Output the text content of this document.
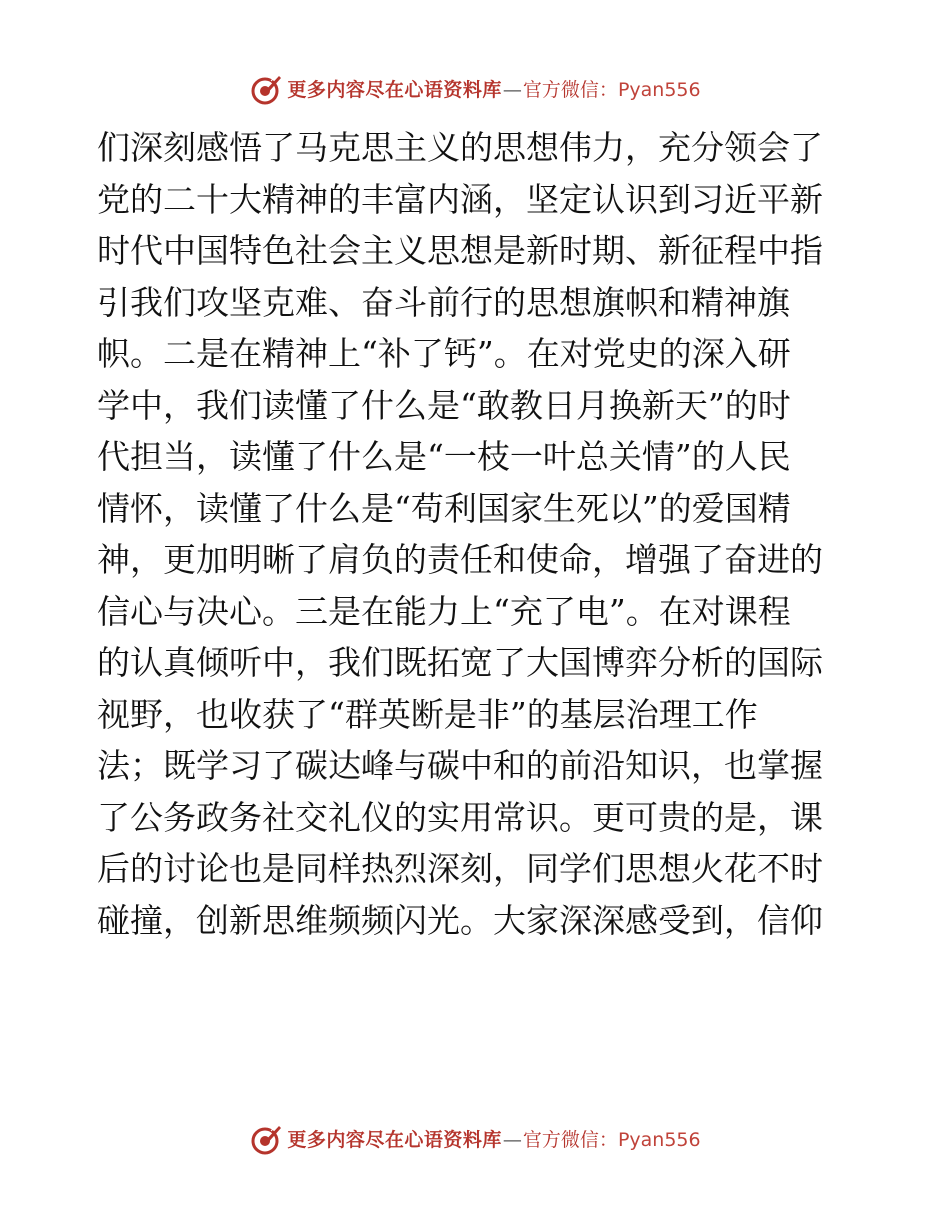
更多内容尽在心语资料库 — 官方微信： Pyan556
们深刻感悟了马克思主义的思想伟力，充分领会了
党的二十大精神的丰富内涵，坚定认识到习近平新
时代中国特色社会主义思想是新时期、新征程中指
引我们攻坚克难、奋斗前行的思想旗帜和精神旗
帜。二是在精神上“补了钙”。在对党史的深入研
学中，我们读懂了什么是“敢教日月换新天”的时
代担当，读懂了什么是“一枝一叶总关情”的人民
情怀，读懂了什么是“苟利国家生死以”的爱国精
神，更加明晰了肩负的责任和使命，增强了奋进的
信心与决心。三是在能力上“充了电”。在对课程
的认真倾听中，我们既拓宽了大国博弈分析的国际
视野，也收获了“群英断是非”的基层治理工作
法；既学习了碳达峰与碳中和的前沿知识，也掌握
了公务政务社交礼仪的实用常识。更可贵的是，课
后的讨论也是同样热烈深刻，同学们思想火花不时
碰撞，创新思维频频闪光。大家深深感受到，信仰
更多内容尽在心语资料库 — 官方微信： Pyan556
